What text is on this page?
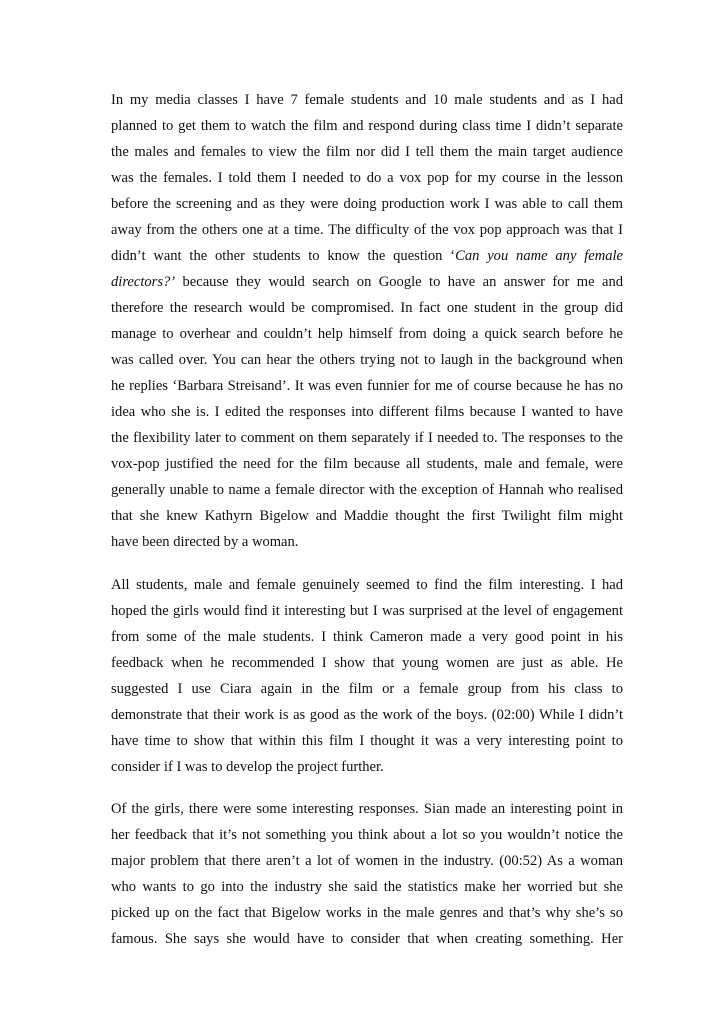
In my media classes I have 7 female students and 10 male students and as I had
planned to get them to watch the film and respond during class time I didn’t separate
the males and females to view the film nor did I tell them the main target audience
was the females. I told them I needed to do a vox pop for my course in the lesson
before the screening and as they were doing production work I was able to call them
away from the others one at a time. The difficulty of the vox pop approach was that I
didn’t want the other students to know the question ‘Can you name any female
directors?’ because they would search on Google to have an answer for me and
therefore the research would be compromised. In fact one student in the group did
manage to overhear and couldn’t help himself from doing a quick search before he
was called over. You can hear the others trying not to laugh in the background when
he replies ‘Barbara Streisand’. It was even funnier for me of course because he has no
idea who she is. I edited the responses into different films because I wanted to have
the flexibility later to comment on them separately if I needed to. The responses to the
vox-pop justified the need for the film because all students, male and female, were
generally unable to name a female director with the exception of Hannah who realised
that she knew Kathyrn Bigelow and Maddie thought the first Twilight film might
have been directed by a woman.
All students, male and female genuinely seemed to find the film interesting. I had
hoped the girls would find it interesting but I was surprised at the level of engagement
from some of the male students. I think Cameron made a very good point in his
feedback when he recommended I show that young women are just as able. He
suggested I use Ciara again in the film or a female group from his class to
demonstrate that their work is as good as the work of the boys. (02:00) While I didn’t
have time to show that within this film I thought it was a very interesting point to
consider if I was to develop the project further.
Of the girls, there were some interesting responses. Sian made an interesting point in
her feedback that it’s not something you think about a lot so you wouldn’t notice the
major problem that there aren’t a lot of women in the industry. (00:52) As a woman
who wants to go into the industry she said the statistics make her worried but she
picked up on the fact that Bigelow works in the male genres and that’s why she’s so
famous. She says she would have to consider that when creating something. Her
